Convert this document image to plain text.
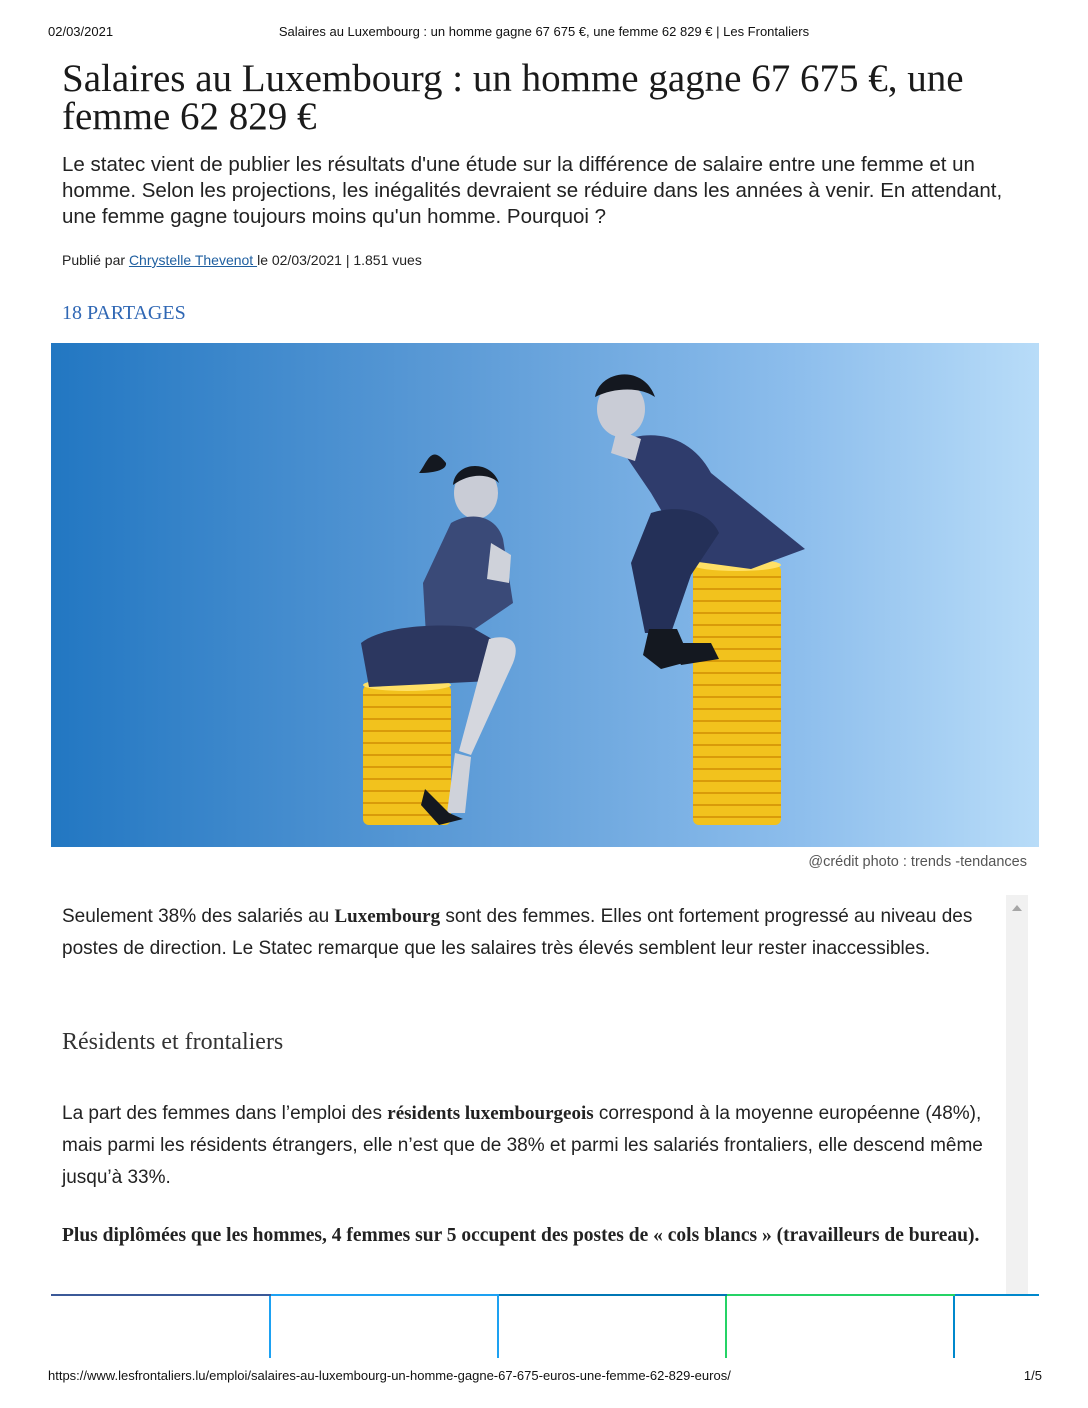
02/03/2021	Salaires au Luxembourg : un homme gagne 67 675 €, une femme 62 829 € | Les Frontaliers
Salaires au Luxembourg : un homme gagne 67 675 €, une femme 62 829 €

Le statec vient de publier les résultats d'une étude sur la différence de salaire entre une femme et un homme. Selon les projections, les inégalités devraient se réduire dans les années à venir. En attendant, une femme gagne toujours moins qu'un homme. Pourquoi ?

Publié par Chrystelle Thevenot le 02/03/2021 | 1.851 vues
18 PARTAGES
@crédit photo : trends -tendances

Seulement 38% des salariés au Luxembourg sont des femmes. Elles ont fortement progressé au niveau des postes de direction. Le Statec remarque que les salaires très élevés semblent leur rester inaccessibles.

Résidents et frontaliers

La part des femmes dans l’emploi des résidents luxembourgeois correspond à la moyenne européenne (48%), mais parmi les résidents étrangers, elle n’est que de 38% et parmi les salariés frontaliers, elle descend même jusqu’à 33%.

Plus diplômées que les hommes, 4 femmes sur 5 occupent des postes de « cols blancs » (travailleurs de bureau).

https://www.lesfrontaliers.lu/emploi/salaires-au-luxembourg-un-homme-gagne-67-675-euros-une-femme-62-829-euros/	1/5
